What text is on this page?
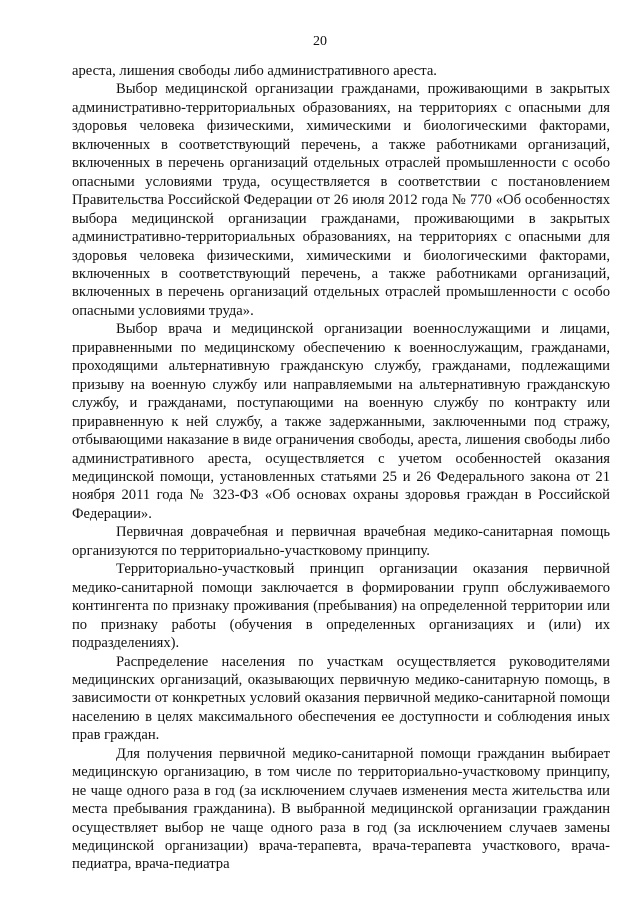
20

ареста, лишения свободы либо административного ареста.

Выбор медицинской организации гражданами, проживающими в закрытых административно-территориальных образованиях, на территориях с опасными для здоровья человека физическими, химическими и биологическими факторами, включенных в соответствующий перечень, а также работниками организаций, включенных в перечень организаций отдельных отраслей промышленности с особо опасными условиями труда, осуществляется в соответствии с постановлением Правительства Российской Федерации от 26 июля 2012 года № 770 «Об особенностях выбора медицинской организации гражданами, проживающими в закрытых административно-территориальных образованиях, на территориях с опасными для здоровья человека физическими, химическими и биологическими факторами, включенных в соответствующий перечень, а также работниками организаций, включенных в перечень организаций отдельных отраслей промышленности с особо опасными условиями труда».

Выбор врача и медицинской организации военнослужащими и лицами, приравненными по медицинскому обеспечению к военнослужащим, гражданами, проходящими альтернативную гражданскую службу, гражданами, подлежащими призыву на военную службу или направляемыми на альтернативную гражданскую службу, и гражданами, поступающими на военную службу по контракту или приравненную к ней службу, а также задержанными, заключенными под стражу, отбывающими наказание в виде ограничения свободы, ареста, лишения свободы либо административного ареста, осуществляется с учетом особенностей оказания медицинской помощи, установленных статьями 25 и 26 Федерального закона от 21 ноября 2011 года № 323-ФЗ «Об основах охраны здоровья граждан в Российской Федерации».

Первичная доврачебная и первичная врачебная медико-санитарная помощь организуются по территориально-участковому принципу.

Территориально-участковый принцип организации оказания первичной медико-санитарной помощи заключается в формировании групп обслуживаемого контингента по признаку проживания (пребывания) на определенной территории или по признаку работы (обучения в определенных организациях и (или) их подразделениях).

Распределение населения по участкам осуществляется руководителями медицинских организаций, оказывающих первичную медико-санитарную помощь, в зависимости от конкретных условий оказания первичной медико-санитарной помощи населению в целях максимального обеспечения ее доступности и соблюдения иных прав граждан.

Для получения первичной медико-санитарной помощи гражданин выбирает медицинскую организацию, в том числе по территориально-участковому принципу, не чаще одного раза в год (за исключением случаев изменения места жительства или места пребывания гражданина). В выбранной медицинской организации гражданин осуществляет выбор не чаще одного раза в год (за исключением случаев замены медицинской организации) врача-терапевта, врача-терапевта участкового, врача-педиатра, врача-педиатра
